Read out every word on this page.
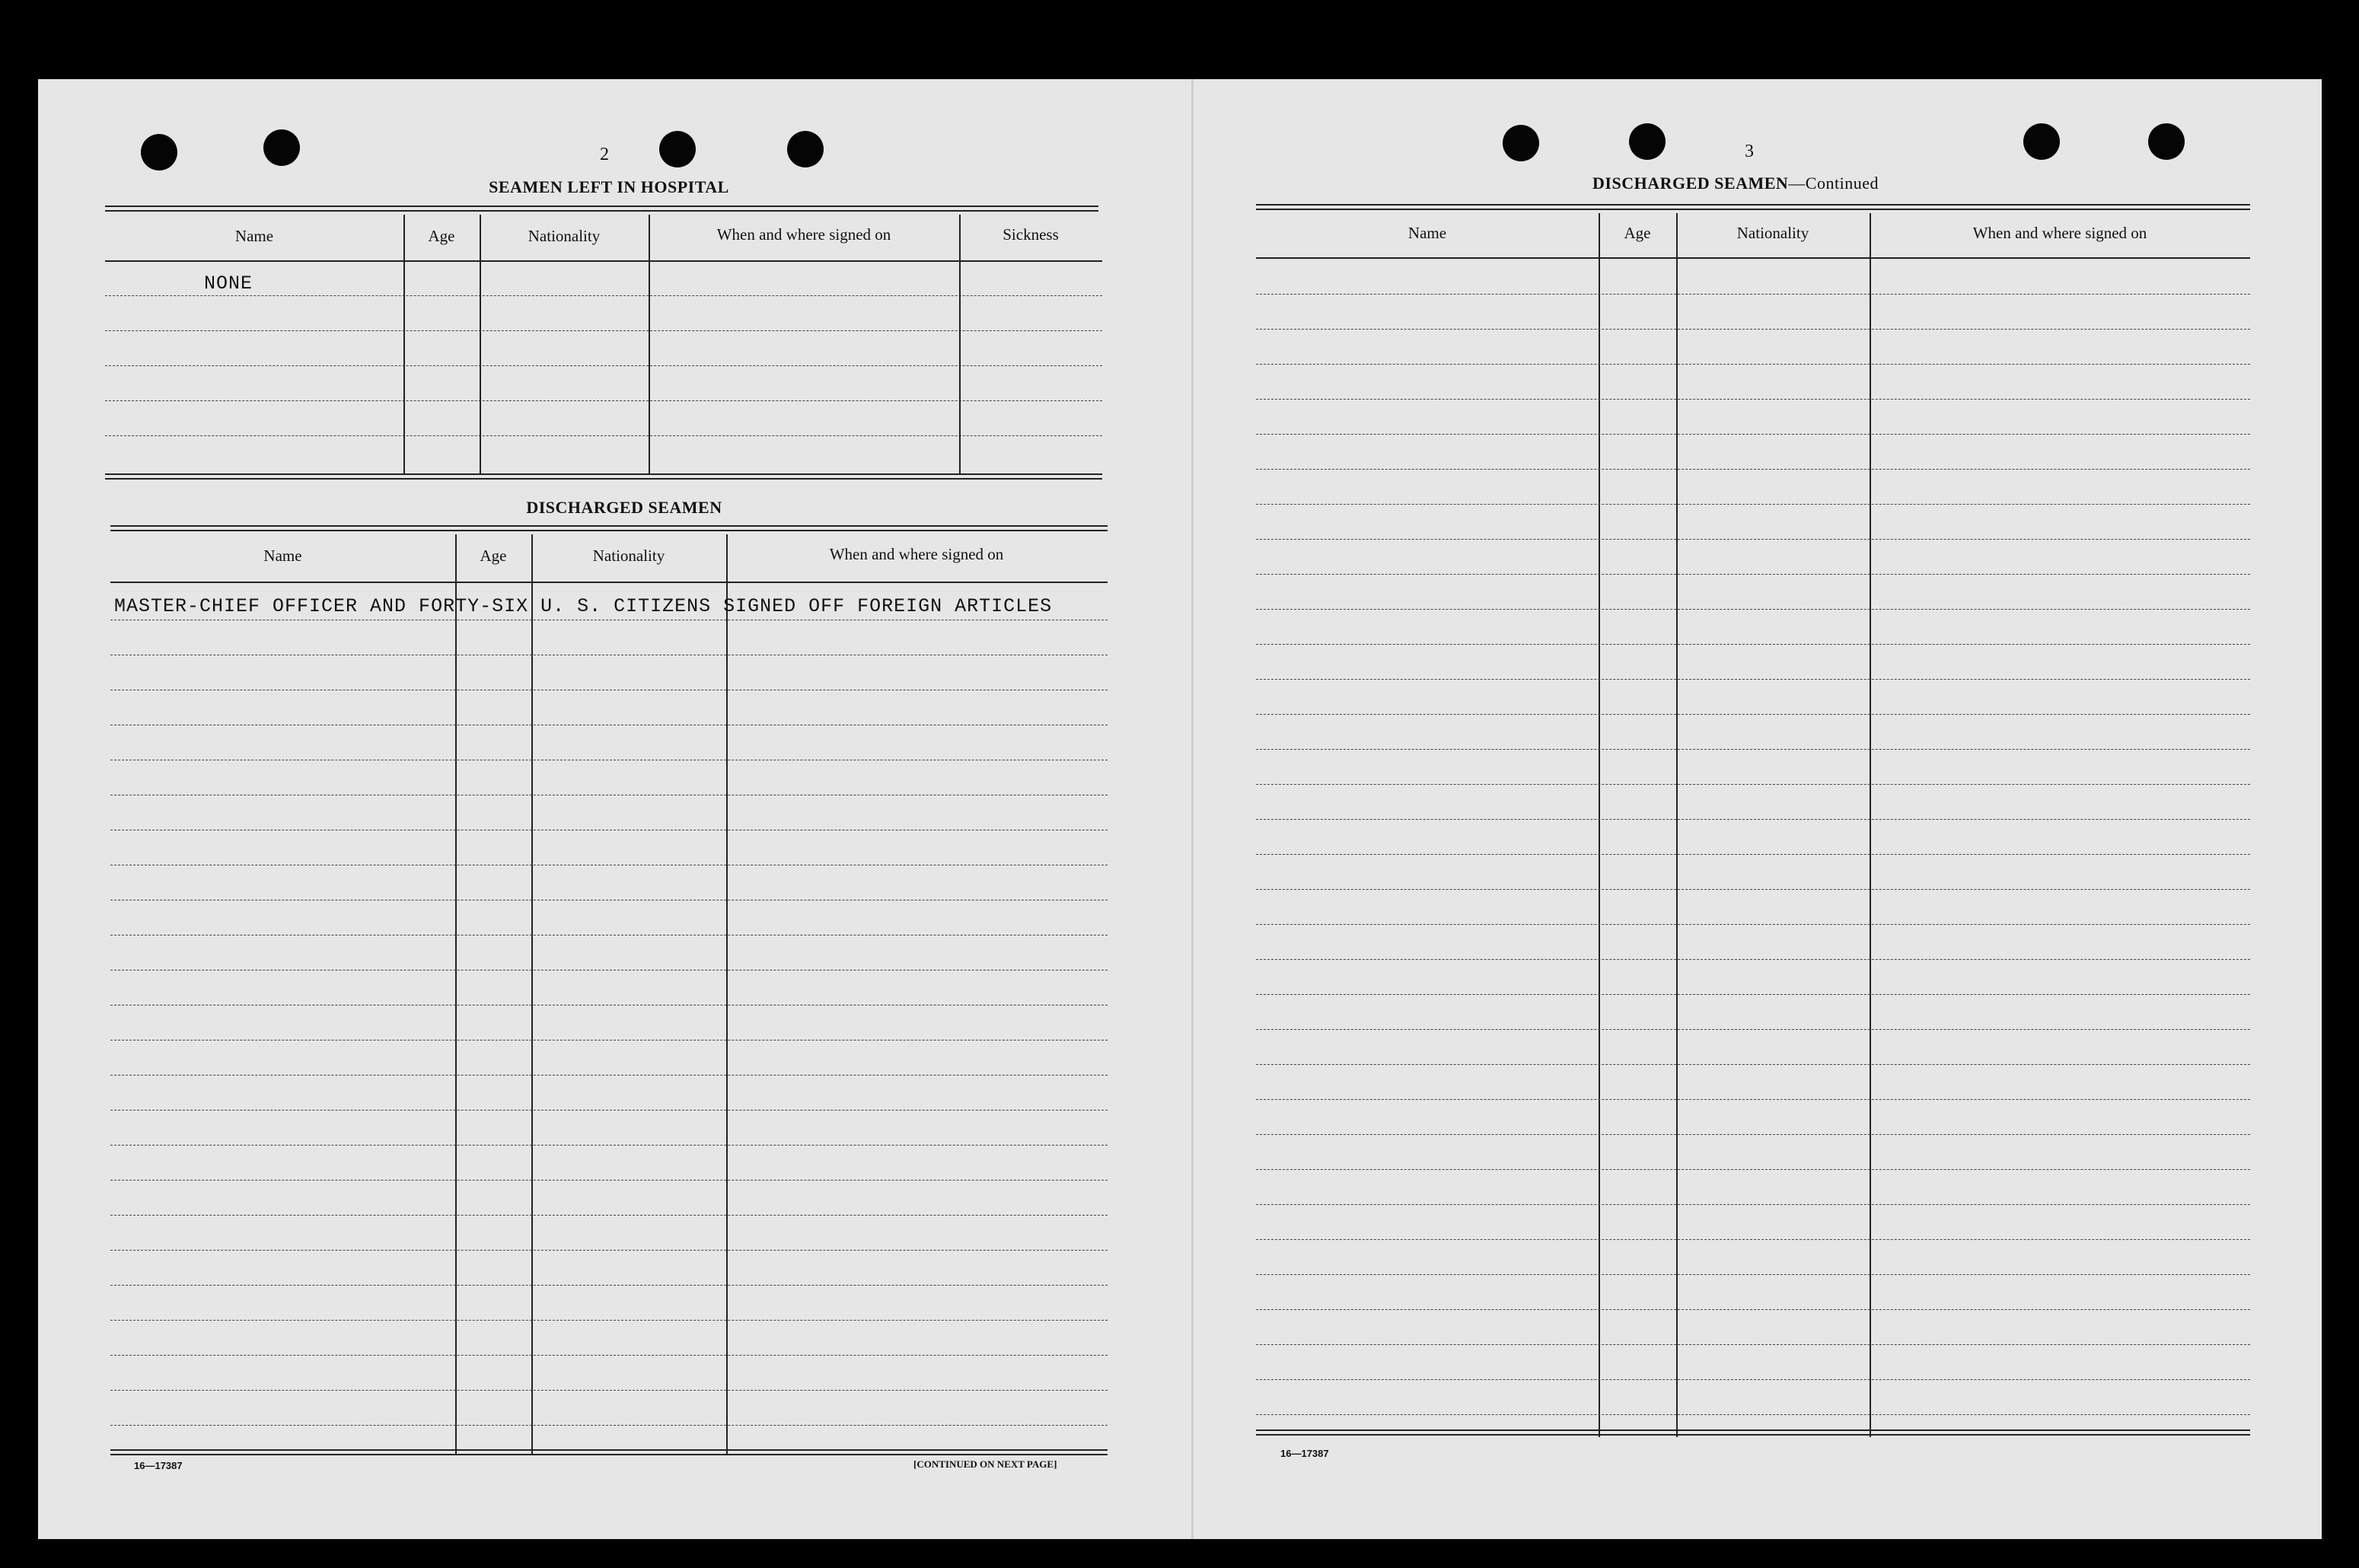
2
SEAMEN LEFT IN HOSPITAL
Name	Age	Nationality	When and where signed on	Sickness
NONE
DISCHARGED SEAMEN
Name	Age	Nationality	When and where signed on
MASTER-CHIEF OFFICER AND FORTY-SIX U. S. CITIZENS SIGNED OFF FOREIGN ARTICLES
16—17387	[CONTINUED ON NEXT PAGE]
3
DISCHARGED SEAMEN—Continued
Name	Age	Nationality	When and where signed on
16—17387
